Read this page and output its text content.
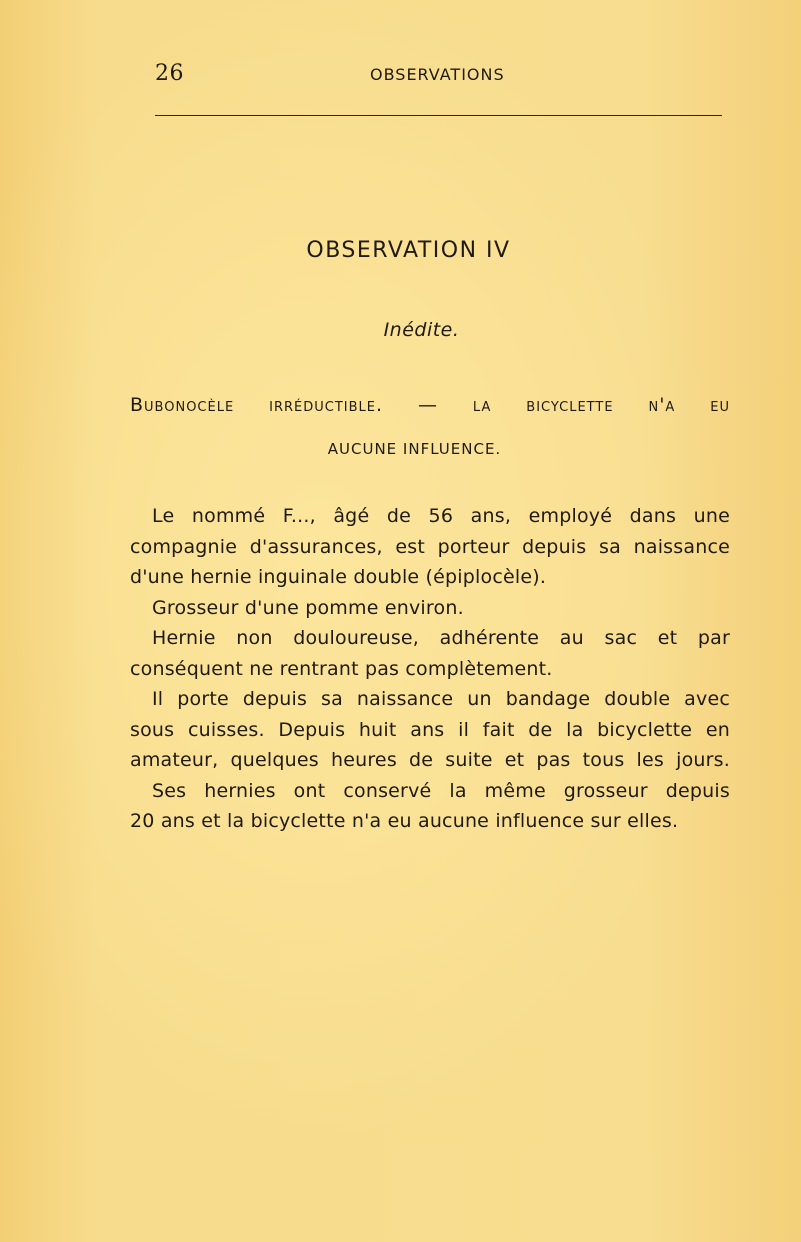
26	OBSERVATIONS
OBSERVATION IV
Inédite.
Bubonocèle irréductible. — la bicyclette n'a eu
AUCUNE INFLUENCE.
Le nommé F..., âgé de 56 ans, employé dans une
compagnie d'assurances, est porteur depuis sa naissance
d'une hernie inguinale double (épiplocèle).
Grosseur d'une pomme environ.
Hernie non douloureuse, adhérente au sac et par
conséquent ne rentrant pas complètement.
Il porte depuis sa naissance un bandage double avec
sous cuisses. Depuis huit ans il fait de la bicyclette en
amateur, quelques heures de suite et pas tous les jours.
Ses hernies ont conservé la même grosseur depuis
20 ans et la bicyclette n'a eu aucune influence sur elles.
